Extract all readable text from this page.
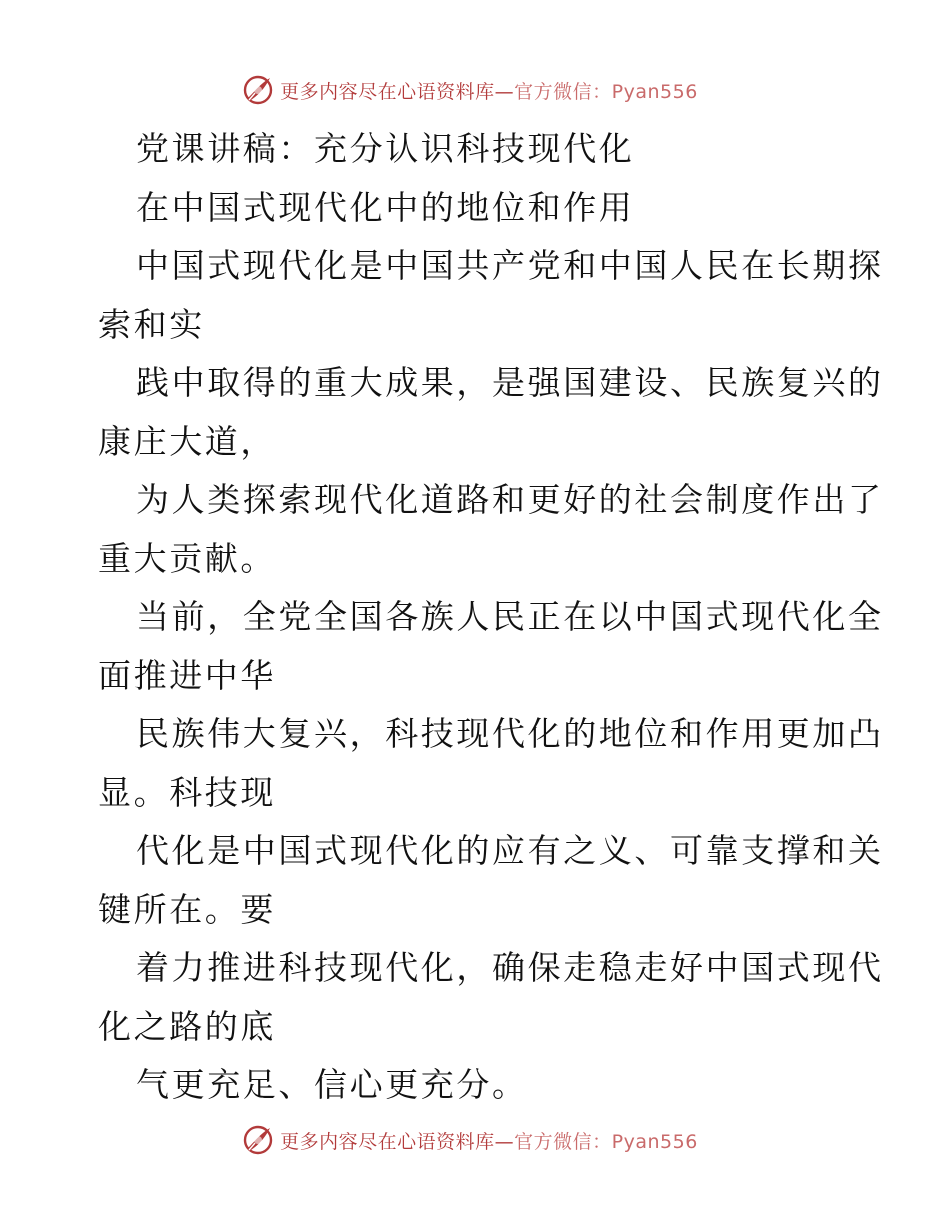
更多内容尽在心语资料库—官方微信：Pyan556
党课讲稿：充分认识科技现代化
在中国式现代化中的地位和作用
中国式现代化是中国共产党和中国人民在长期探
索和实
践中取得的重大成果，是强国建设、民族复兴的
康庄大道，
为人类探索现代化道路和更好的社会制度作出了
重大贡献。
当前，全党全国各族人民正在以中国式现代化全
面推进中华
民族伟大复兴，科技现代化的地位和作用更加凸
显。科技现
代化是中国式现代化的应有之义、可靠支撑和关
键所在。要
着力推进科技现代化，确保走稳走好中国式现代
化之路的底
气更充足、信心更充分。
更多内容尽在心语资料库—官方微信：Pyan556
